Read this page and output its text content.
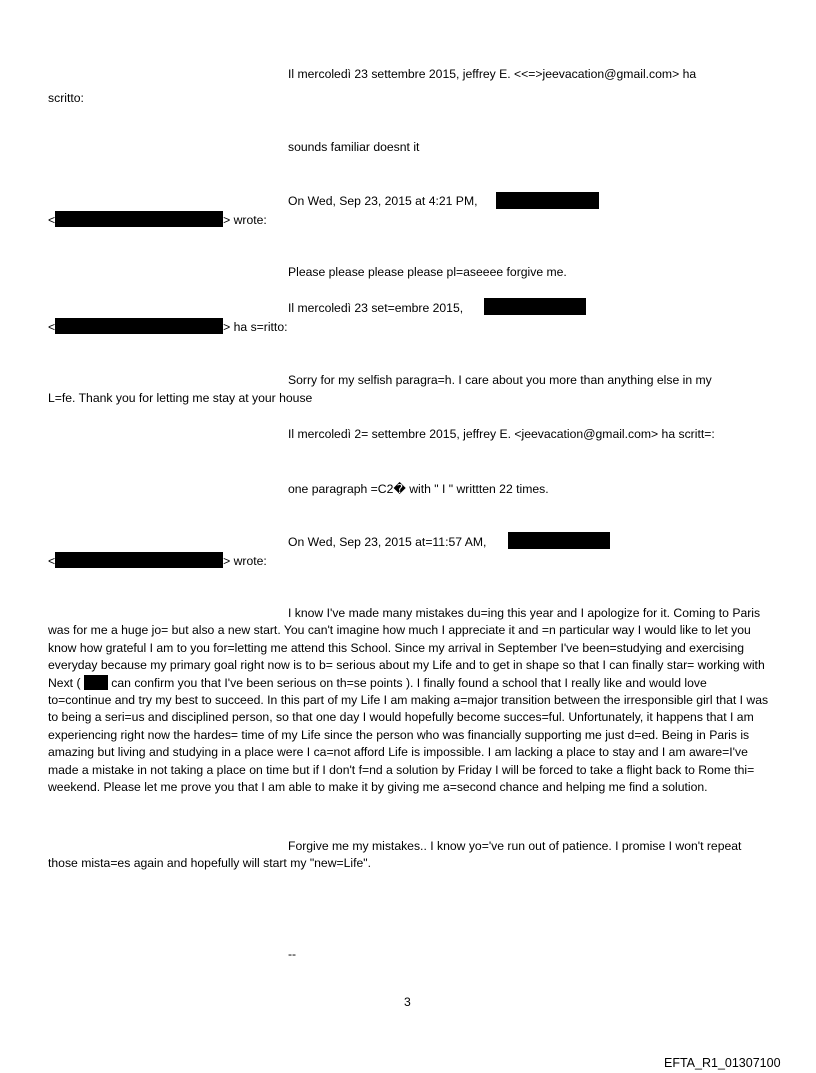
Il mercoledì 23 settembre 2015, jeffrey E. <<=>jeevacation@gmail.com> ha
scritto:
sounds familiar doesnt it
On Wed, Sep 23, 2015 at 4:21 PM,
<	> wrote:
Please please please please pl=aseeee forgive me.
Il mercoledì 23 set=embre 2015,
<	> ha s=ritto:
Sorry for my selfish paragra=h. I care about you more than anything else in my
L=fe. Thank you for letting me stay at your house
Il mercoledì 2= settembre 2015, jeffrey E. <jeevacation@gmail.com> ha scritt=:
one paragraph =C2� with " I " writtten 22 times.
On Wed, Sep 23, 2015 at=11:57 AM,
<	> wrote:
I know I've made many mistakes du=ing this year and I apologize for it. Coming to Paris was for me a huge jo= but also a new start. You can't imagine how much I appreciate it and =n particular way I would like to let you know how grateful I am to you for=letting me attend this School. Since my arrival in September I've been=studying and exercising everyday because my primary goal right now is to b= serious about my Life and to get in shape so that I can finally star= working with Next (  can confirm you that I've been serious on th=se points ). I finally found a school that I really like and would love to=continue and try my best to succeed. In this part of my Life I am making a=major transition between the irresponsible girl that I was to being a seri=us and disciplined person, so that one day I would hopefully become succes=ful. Unfortunately, it happens that I am experiencing right now the hardes= time of my Life since the person who was financially supporting me just d=ed. Being in Paris is amazing but living and studying in a place were I ca=not afford Life is impossible. I am lacking a place to stay and I am aware=I've made a mistake in not taking a place on time but if I don't f=nd a solution by Friday I will be forced to take a flight back to Rome thi= weekend. Please let me prove you that I am able to make it by giving me a=second chance and helping me find a solution.
Forgive me my mistakes.. I know yo='ve run out of patience. I promise I won't repeat those mista=es again and hopefully will start my "new=Life".
--
3
EFTA_R1_01307100
